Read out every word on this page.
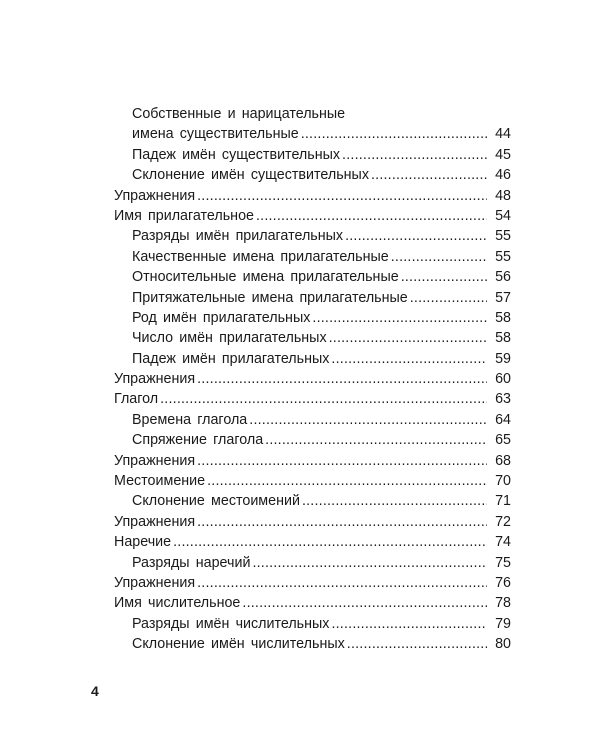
Собственные и нарицательные
имена существительные .....	44
Падеж имён существительных .....	45
Склонение имён существительных .....	46
Упражнения .....	48
Имя прилагательное .....	54
Разряды имён прилагательных .....	55
Качественные имена прилагательные .....	55
Относительные имена прилагательные .....	56
Притяжательные имена прилагательные .....	57
Род имён прилагательных .....	58
Число имён прилагательных .....	58
Падеж имён прилагательных .....	59
Упражнения .....	60
Глагол .....	63
Времена глагола .....	64
Спряжение глагола .....	65
Упражнения .....	68
Местоимение .....	70
Склонение местоимений .....	71
Упражнения .....	72
Наречие .....	74
Разряды наречий .....	75
Упражнения .....	76
Имя числительное .....	78
Разряды имён числительных .....	79
Склонение имён числительных .....	80
4
